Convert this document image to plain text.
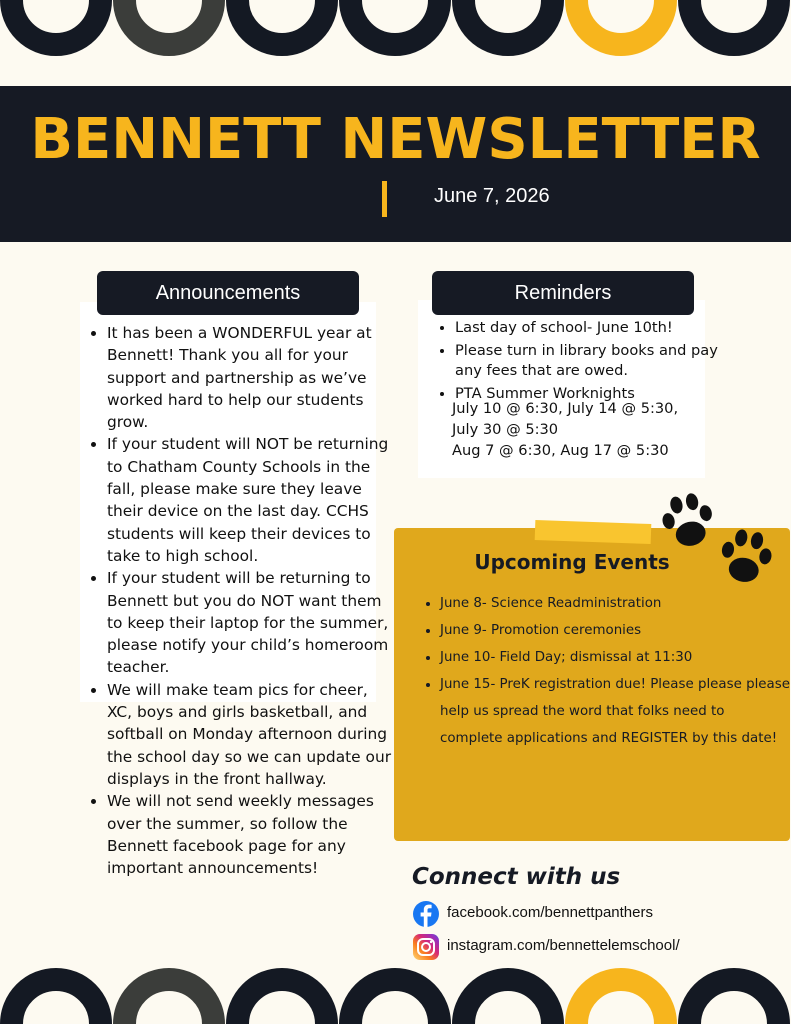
BENNETT NEWSLETTER
June 7, 2026
Announcements
• It has been a WONDERFUL year at Bennett! Thank you all for your support and partnership as we’ve worked hard to help our students grow.
• If your student will NOT be returning to Chatham County Schools in the fall, please make sure they leave their device on the last day. CCHS students will keep their devices to take to high school.
• If your student will be returning to Bennett but you do NOT want them to keep their laptop for the summer, please notify your child’s homeroom teacher.
• We will make team pics for cheer, XC, boys and girls basketball, and softball on Monday afternoon during the school day so we can update our displays in the front hallway.
• We will not send weekly messages over the summer, so follow the Bennett facebook page for any important announcements!
Reminders
• Last day of school- June 10th!
• Please turn in library books and pay any fees that are owed.
• PTA Summer Worknights
July 10 @ 6:30, July 14 @ 5:30,
July 30 @ 5:30
Aug 7 @ 6:30, Aug 17 @ 5:30
Upcoming Events
• June 8- Science Readministration
• June 9- Promotion ceremonies
• June 10- Field Day; dismissal at 11:30
• June 15- PreK registration due! Please please please help us spread the word that folks need to complete applications and REGISTER by this date!
Connect with us
facebook.com/bennettpanthers
instagram.com/bennettelemschool/
